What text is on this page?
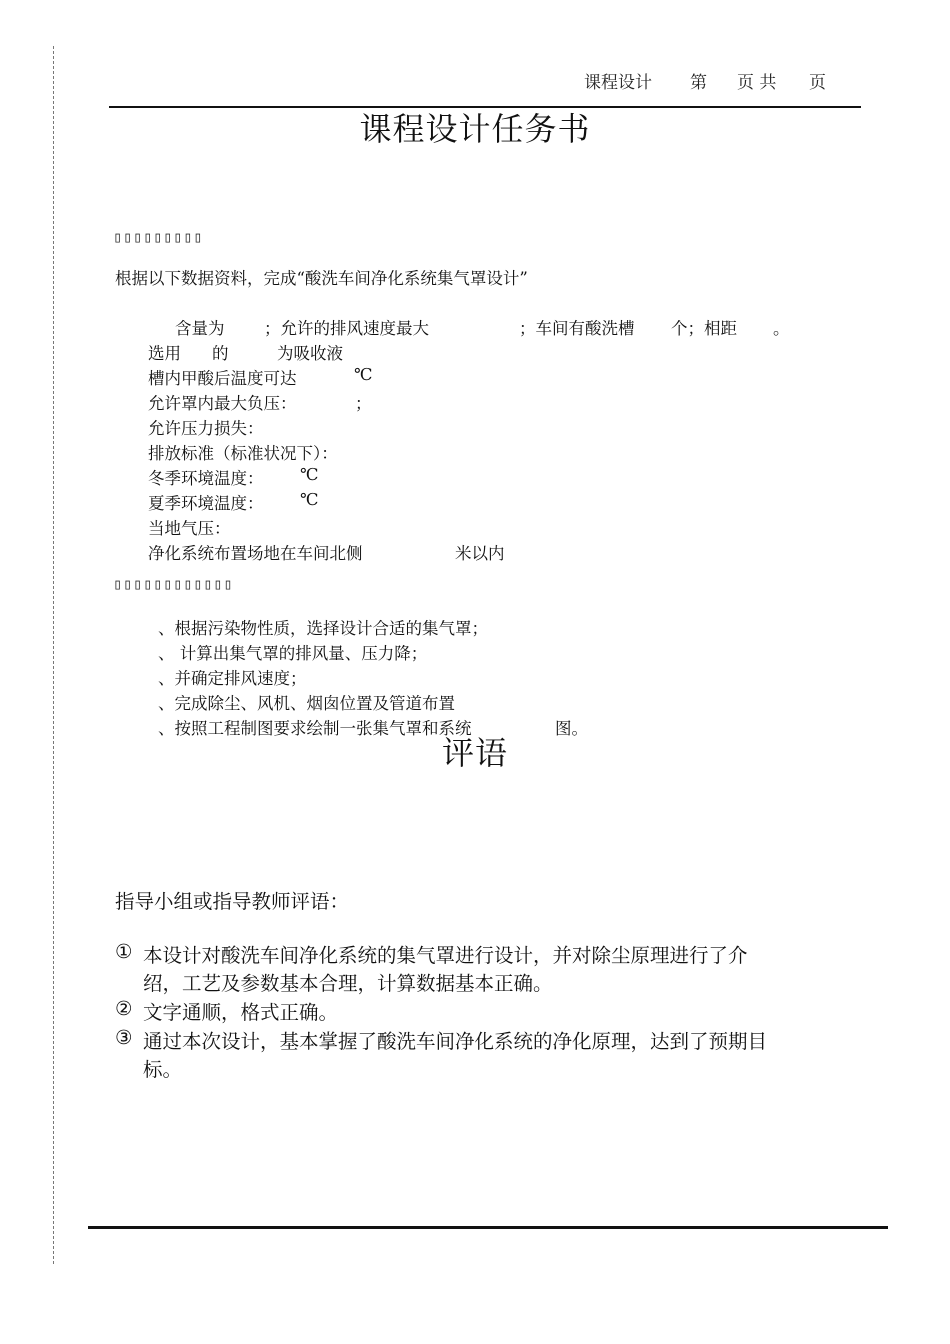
课程设计 第 页 共 页
课程设计任务书
▯▯▯▯▯▯▯▯▯
根据以下数据资料，完成“酸洗车间净化系统集气罩设计”
含量为 ；允许的排风速度最大	；车间有酸洗槽 个；相距 。
选用 的	为吸收液
槽内甲酸后温度可达	℃
允许罩内最大负压：	；
允许压力损失：
排放标准（标准状况下）：
冬季环境温度： ℃
夏季环境温度： ℃
当地气压：
净化系统布置场地在车间北侧	米以内
▯▯▯▯▯▯▯▯▯▯▯▯
、根据污染物性质，选择设计合适的集气罩；
、 计算出集气罩的排风量、压力降；
、并确定排风速度；
、完成除尘、风机、烟囱位置及管道布置
、按照工程制图要求绘制一张集气罩和系统	图。
评语
指导小组或指导教师评语：
① 本设计对酸洗车间净化系统的集气罩进行设计，并对除尘原理进行了介
绍，工艺及参数基本合理，计算数据基本正确。
② 文字通顺，格式正确。
③ 通过本次设计，基本掌握了酸洗车间净化系统的净化原理，达到了预期目
标。
